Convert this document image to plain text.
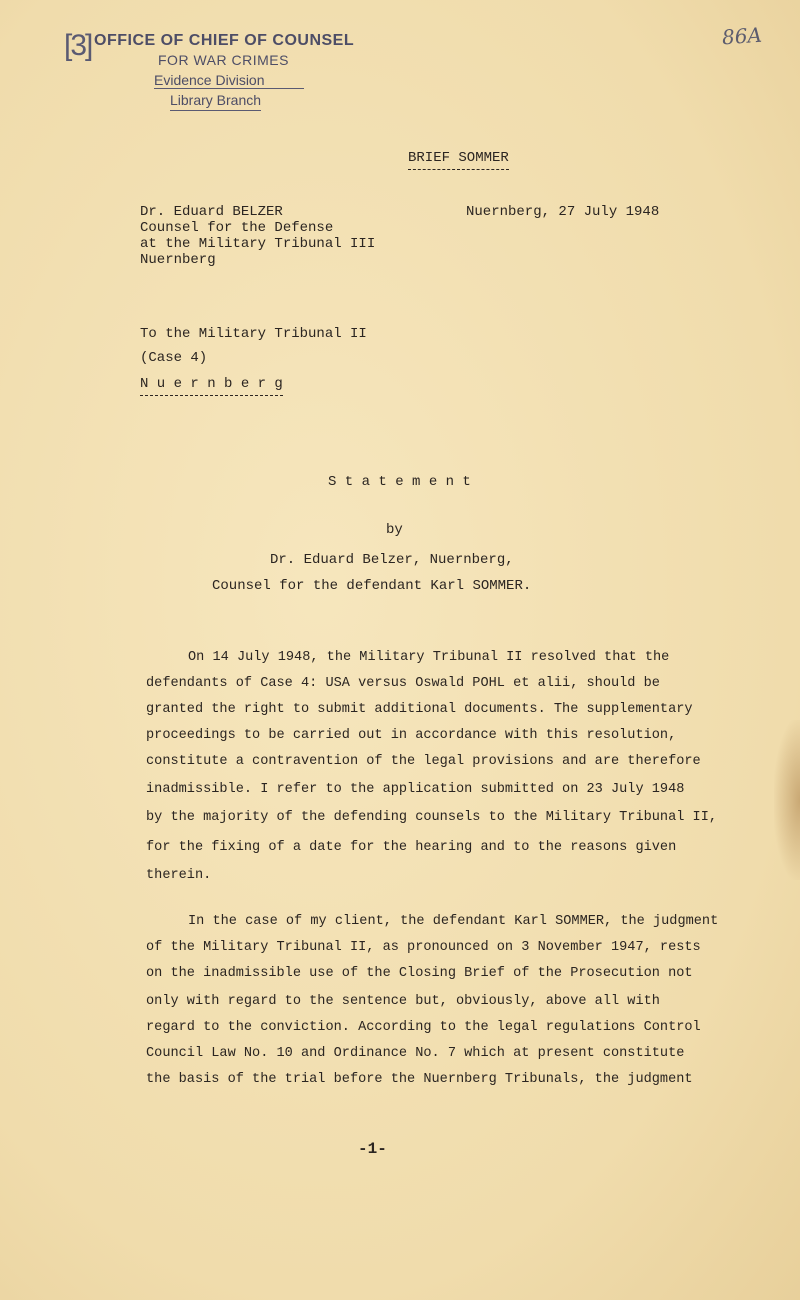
[3] OFFICE OF CHIEF OF COUNSEL
FOR WAR CRIMES
Evidence Division
Library Branch
86A
BRIEF SOMMER
Dr. Eduard BELZER
Counsel for the Defense
at the Military Tribunal III
Nuernberg
Nuernberg, 27 July 1948
To the Military Tribunal II
(Case 4)
N u e r n b e r g
S t a t e m e n t
by
Dr. Eduard Belzer, Nuernberg,
Counsel for the defendant Karl SOMMER.
On 14 July 1948, the Military Tribunal II resolved that the
defendants of Case 4: USA versus Oswald POHL et alii, should be
granted the right to submit additional documents. The supplementary
proceedings to be carried out in accordance with this resolution,
constitute a contravention of the legal provisions and are therefore
inadmissible. I refer to the application submitted on 23 July 1948
by the majority of the defending counsels to the Military Tribunal II,
for the fixing of a date for the hearing and to the reasons given
therein.
In the case of my client, the defendant Karl SOMMER, the judgment
of the Military Tribunal II, as pronounced on 3 November 1947, rests
on the inadmissible use of the Closing Brief of the Prosecution not
only with regard to the sentence but, obviously, above all with
regard to the conviction. According to the legal regulations Control
Council Law No. 10 and Ordinance No. 7 which at present constitute
the basis of the trial before the Nuernberg Tribunals, the judgment
-1-
